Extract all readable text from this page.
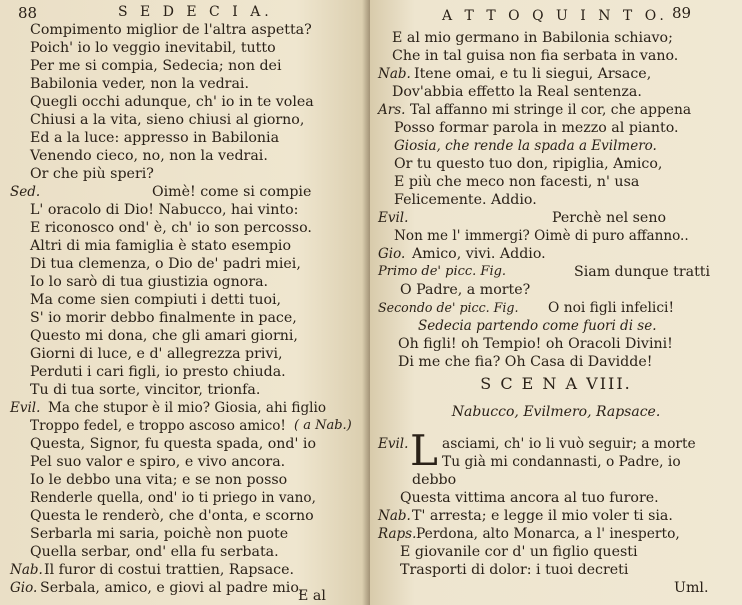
88	S E D E C I A.
Compimento miglior de l'altra aspetta?
Poich' io lo veggio inevitabil, tutto
Per me si compia, Sedecia; non dei
Babilonia veder, non la vedrai.
Quegli occhi adunque, ch' io in te volea
Chiusi a la vita, sieno chiusi al giorno,
Ed a la luce: appresso in Babilonia
Venendo cieco, no, non la vedrai.
Or che più speri?
Sed.	Oimè! come si compie
L' oracolo di Dio! Nabucco, hai vinto:
E riconosco ond' è, ch' io son percosso.
Altri di mia famiglia è stato esempio
Di tua clemenza, o Dio de' padri miei,
Io lo sarò di tua giustizia ognora.
Ma come sien compiuti i detti tuoi,
S' io morir debbo finalmente in pace,
Questo mi dona, che gli amari giorni,
Giorni di luce, e d' allegrezza privi,
Perduti i cari figli, io presto chiuda.
Tu di tua sorte, vincitor, trionfa.
Evil. Ma che stupor è il mio? Giosia, ahi figlio
Troppo fedel, e troppo ascoso amico! ( a Nab.)
Questa, Signor, fu questa spada, ond' io
Pel suo valor e spiro, e vivo ancora.
Io le debbo una vita; e se non posso
Renderle quella, ond' io ti priego in vano,
Questa le renderò, che d'onta, e scorno
Serbarla mi saria, poichè non puote
Quella serbar, ond' ella fu serbata.
Nab. Il furor di costui trattien, Rapsace.
Gio. Serbala, amico, e giovi al padre mio,
E al
A T T O Q U I N T O. 89
E al mio germano in Babilonia schiavo;
Che in tal guisa non fia serbata in vano.
Nab. Itene omai, e tu li siegui, Arsace,
Dov'abbia effetto la Real sentenza.
Ars. Tal affanno mi stringe il cor, che appena
Posso formar parola in mezzo al pianto.
Giosia, che rende la spada a Evilmero.
Or tu questo tuo don, ripiglia, Amico,
E più che meco non facesti, n' usa
Felicemente. Addio.
Evil.	Perchè nel seno
Non me l' immergi? Oimè di puro affanno..
Gio. Amico, vivi. Addio.
Primo de' picc. Fig.	Siam dunque tratti
O Padre, a morte?
Secondo de' picc. Fig. O noi figli infelici!
Sedecia partendo come fuori di se.
Oh figli! oh Tempio! oh Oracoli Divini!
Di me che fia? Oh Casa di Davidde!
S C E N A VIII.
Nabucco, Evilmero, Rapsace.
Evil. L asciami, ch' io li vuò seguir; a morte
Tu già mi condannasti, o Padre, io
debbo
Questa vittima ancora al tuo furore.
Nab. T' arresta; e legge il mio voler ti sia.
Raps. Perdona, alto Monarca, a l' inesperto,
E giovanile cor d' un figlio questi
Trasporti di dolor: i tuoi decreti
Uml.
